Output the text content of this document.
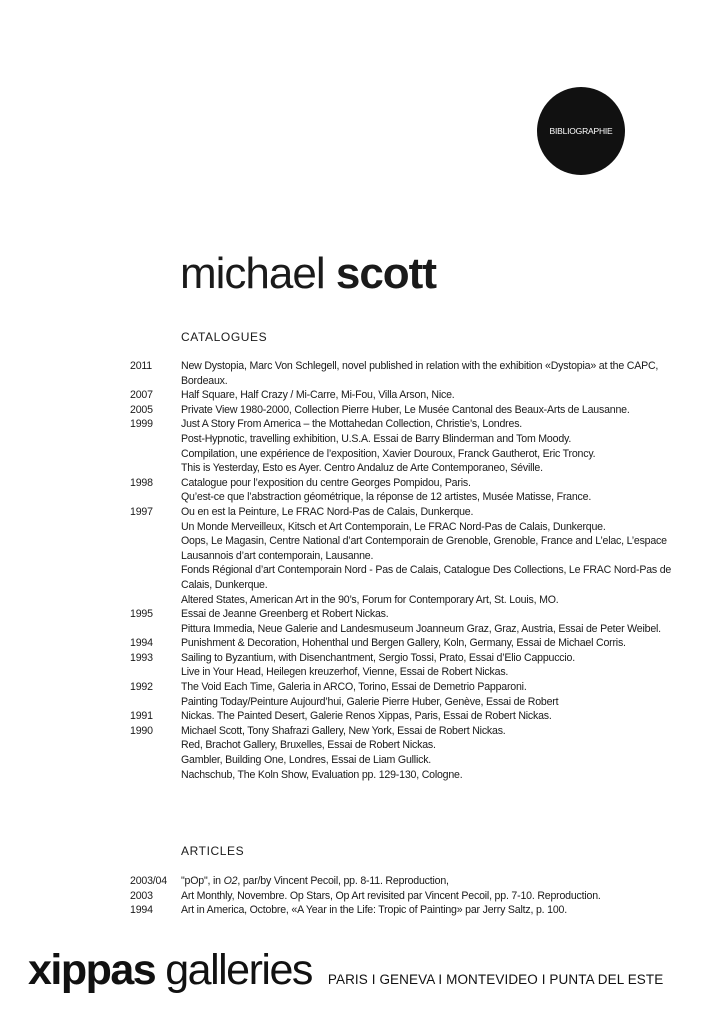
BIBLIOGRAPHIE
michael scott
CATALOGUES
2011	New Dystopia, Marc Von Schlegell, novel published in relation with the exhibition «Dystopia» at the CAPC, Bordeaux.
2007	Half Square, Half Crazy / Mi-Carre, Mi-Fou, Villa Arson, Nice.
2005	Private View 1980-2000, Collection Pierre Huber, Le Musée Cantonal des Beaux-Arts de Lausanne.
1999	Just A Story From America – the Mottahedan Collection, Christie’s, Londres.
Post-Hypnotic, travelling exhibition, U.S.A. Essai de Barry Blinderman and Tom Moody.
Compilation, une expérience de l’exposition, Xavier Douroux, Franck Gautherot, Eric Troncy.
This is Yesterday, Esto es Ayer. Centro Andaluz de Arte Contemporaneo, Séville.
1998	Catalogue pour l’exposition du centre Georges Pompidou, Paris.
Qu’est-ce que l’abstraction géométrique, la réponse de 12 artistes, Musée Matisse, France.
1997	Ou en est la Peinture, Le FRAC Nord-Pas de Calais, Dunkerque.
Un Monde Merveilleux, Kitsch et Art Contemporain, Le FRAC Nord-Pas de Calais, Dunkerque.
Oops, Le Magasin, Centre National d’art Contemporain de Grenoble, Grenoble, France and L’elac, L’espace Lausannois d’art contemporain, Lausanne.
Fonds Régional d’art Contemporain Nord - Pas de Calais, Catalogue Des Collections, Le FRAC Nord-Pas de Calais, Dunkerque.
Altered States, American Art in the 90’s, Forum for Contemporary Art, St. Louis, MO.
1995	Essai de Jeanne Greenberg et Robert Nickas.
Pittura Immedia, Neue Galerie and Landesmuseum Joanneum Graz, Graz, Austria, Essai de Peter Weibel.
1994	Punishment & Decoration, Hohenthal und Bergen Gallery, Koln, Germany, Essai de Michael Corris.
1993	Sailing to Byzantium, with Disenchantment, Sergio Tossi, Prato, Essai d’Elio Cappuccio.
Live in Your Head, Heilegen kreuzerhof, Vienne, Essai de Robert Nickas.
1992	The Void Each Time, Galeria in ARCO, Torino, Essai de Demetrio Papparoni.
Painting Today/Peinture Aujourd’hui, Galerie Pierre Huber, Genève, Essai de Robert
1991	Nickas. The Painted Desert, Galerie Renos Xippas, Paris, Essai de Robert Nickas.
1990	Michael Scott, Tony Shafrazi Gallery, New York, Essai de Robert Nickas.
Red, Brachot Gallery, Bruxelles, Essai de Robert Nickas.
Gambler, Building One, Londres, Essai de Liam Gullick.
Nachschub, The Koln Show, Evaluation pp. 129-130, Cologne.
ARTICLES
2003/04	"pOp", in O2, par/by Vincent Pecoil, pp. 8-11. Reproduction,
2003	Art Monthly, Novembre. Op Stars, Op Art revisited par Vincent Pecoil, pp. 7-10. Reproduction.
1994	Art in America, Octobre, «A Year in the Life: Tropic of Painting» par Jerry Saltz, p. 100.
xippas galleries PARIS I GENEVA I MONTEVIDEO I PUNTA DEL ESTE
